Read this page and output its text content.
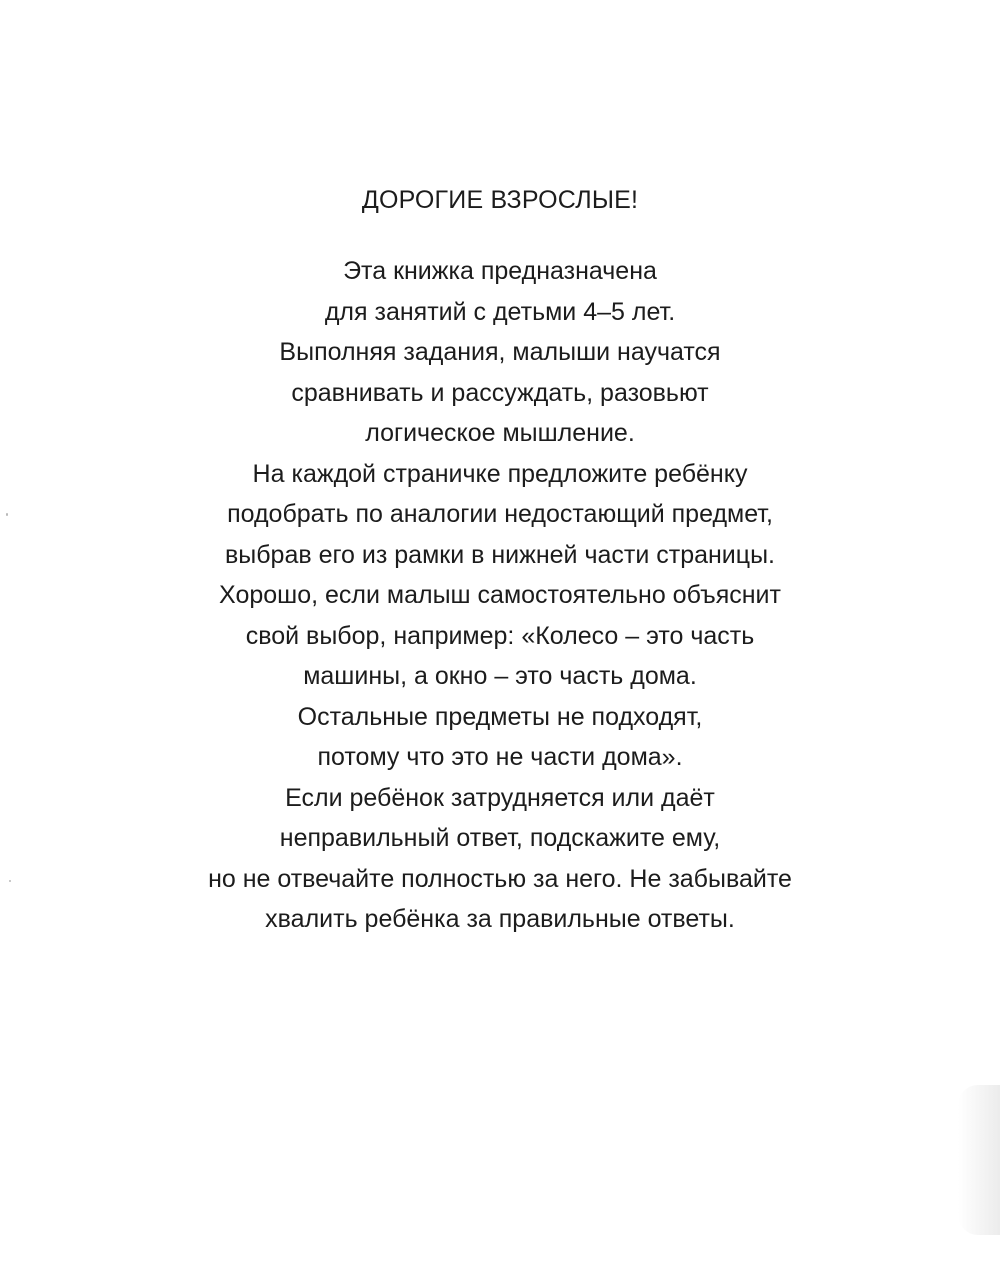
ДОРОГИЕ ВЗРОСЛЫЕ!
Эта книжка предназначена
для занятий с детьми 4–5 лет.
Выполняя задания, малыши научатся
сравнивать и рассуждать, разовьют
логическое мышление.
На каждой страничке предложите ребёнку
подобрать по аналогии недостающий предмет,
выбрав его из рамки в нижней части страницы.
Хорошо, если малыш самостоятельно объяснит
свой выбор, например: «Колесо – это часть
машины, а окно – это часть дома.
Остальные предметы не подходят,
потому что это не части дома».
Если ребёнок затрудняется или даёт
неправильный ответ, подскажите ему,
но не отвечайте полностью за него. Не забывайте
хвалить ребёнка за правильные ответы.
